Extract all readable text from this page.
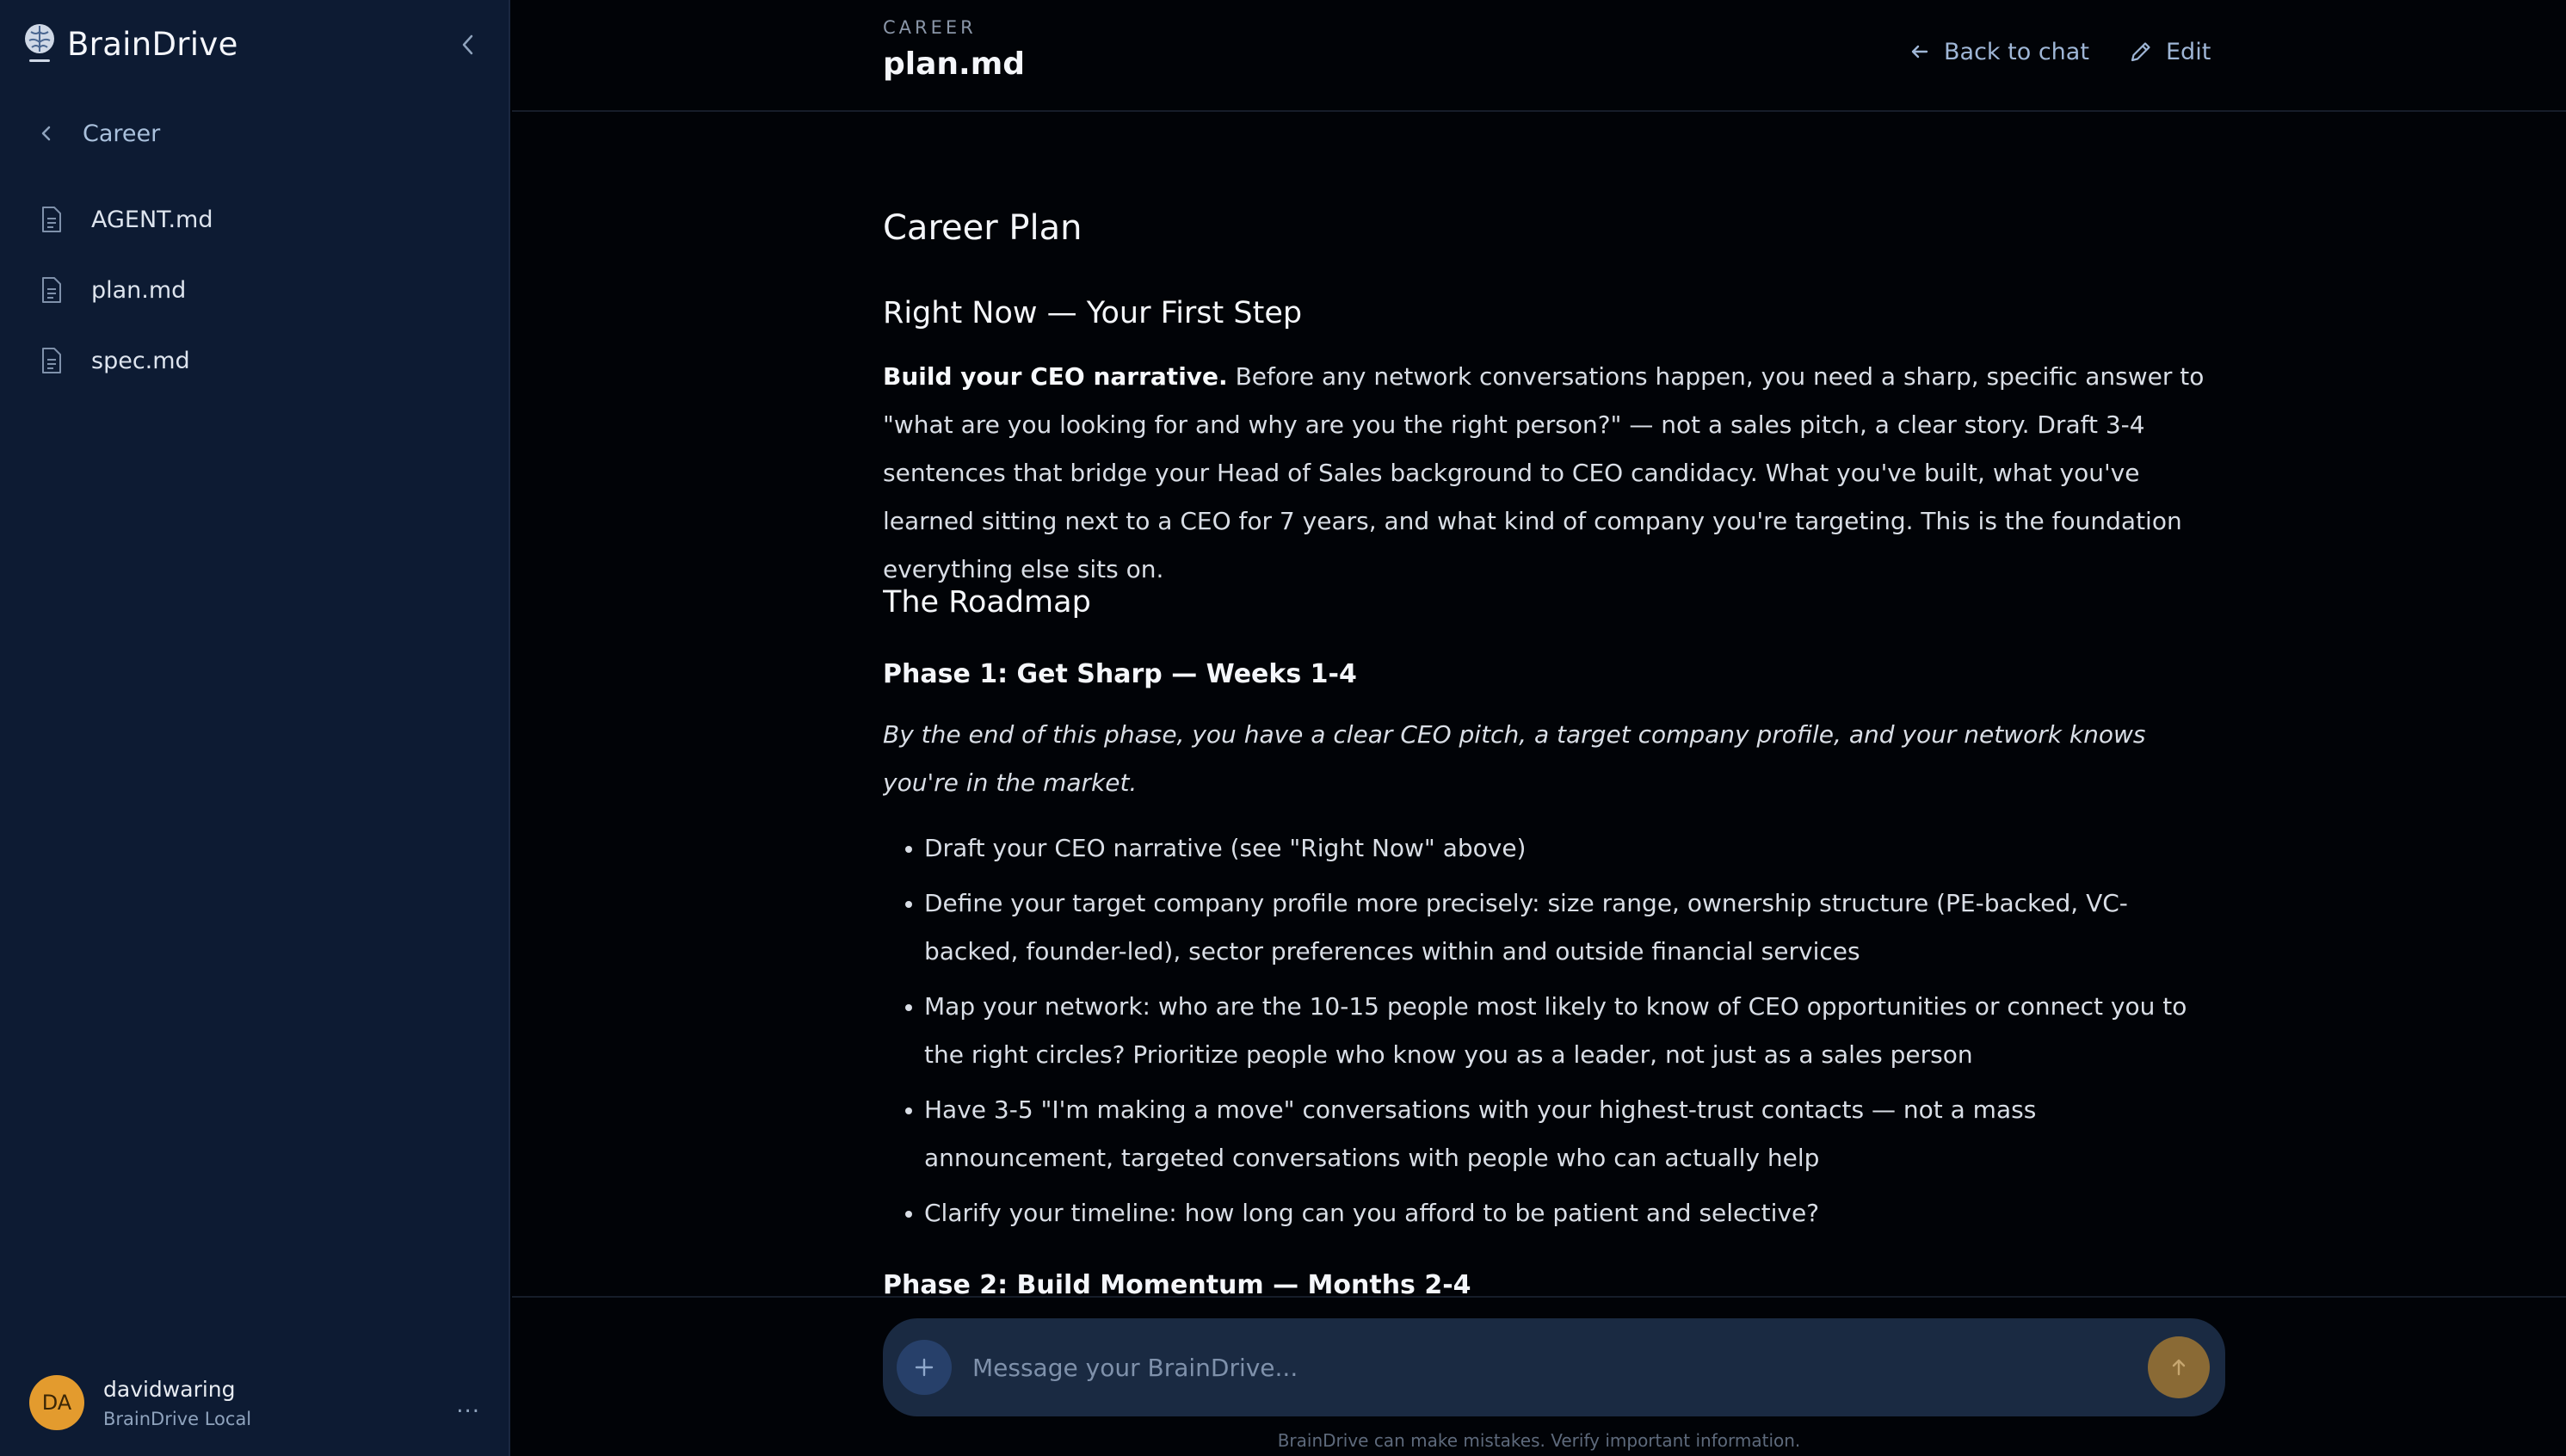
BrainDrive
Career
AGENT.md
plan.md
spec.md
DA
davidwaring
BrainDrive Local
...
CAREER
plan.md	Back to chat	Edit
Career Plan
Right Now — Your First Step

Build your CEO narrative. Before any network conversations happen, you need a sharp, specific answer to "what are you looking for and why are you the right person?" — not a sales pitch, a clear story. Draft 3-4 sentences that bridge your Head of Sales background to CEO candidacy. What you've built, what you've learned sitting next to a CEO for 7 years, and what kind of company you're targeting. This is the foundation everything else sits on.

The Roadmap
Phase 1: Get Sharp — Weeks 1-4

By the end of this phase, you have a clear CEO pitch, a target company profile, and your network knows you're in the market.

Draft your CEO narrative (see "Right Now" above)
Define your target company profile more precisely: size range, ownership structure (PE-backed, VC-backed, founder-led), sector preferences within and outside financial services
Map your network: who are the 10-15 people most likely to know of CEO opportunities or connect you to the right circles? Prioritize people who know you as a leader, not just as a sales person
Have 3-5 "I'm making a move" conversations with your highest-trust contacts — not a mass announcement, targeted conversations with people who can actually help
Clarify your timeline: how long can you afford to be patient and selective?
Phase 2: Build Momentum — Months 2-4
Message your BrainDrive...
BrainDrive can make mistakes. Verify important information.
